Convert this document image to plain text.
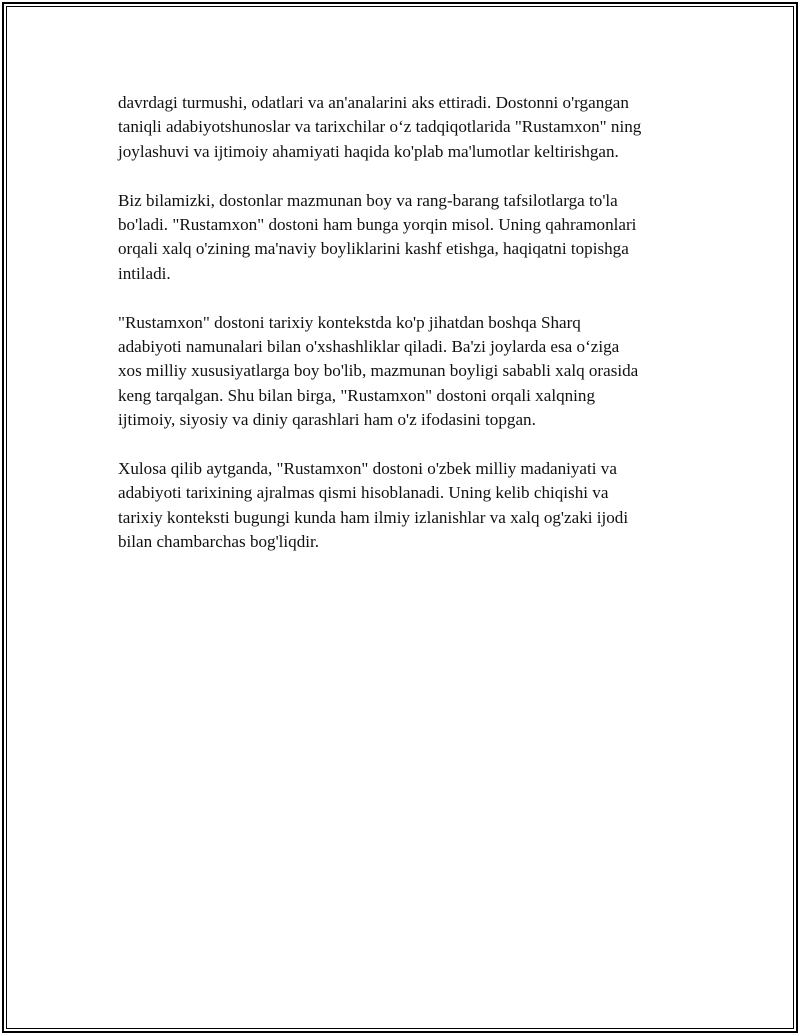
davrdagi turmushi, odatlari va an'analarini aks ettiradi. Dostonni o'rgangan
taniqli adabiyotshunoslar va tarixchilar o‘z tadqiqotlarida "Rustamxon" ning
joylashuvi va ijtimoiy ahamiyati haqida ko'plab ma'lumotlar keltirishgan.

Biz bilamizki, dostonlar mazmunan boy va rang-barang tafsilotlarga to'la
bo'ladi. "Rustamxon" dostoni ham bunga yorqin misol. Uning qahramonlari
orqali xalq o'zining ma'naviy boyliklarini kashf etishga, haqiqatni topishga
intiladi.

"Rustamxon" dostoni tarixiy kontekstda ko'p jihatdan boshqa Sharq
adabiyoti namunalari bilan o'xshashliklar qiladi. Ba'zi joylarda esa o‘ziga
xos milliy xususiyatlarga boy bo'lib, mazmunan boyligi sababli xalq orasida
keng tarqalgan. Shu bilan birga, "Rustamxon" dostoni orqali xalqning
ijtimoiy, siyosiy va diniy qarashlari ham o'z ifodasini topgan.

Xulosa qilib aytganda, "Rustamxon" dostoni o'zbek milliy madaniyati va
adabiyoti tarixining ajralmas qismi hisoblanadi. Uning kelib chiqishi va
tarixiy konteksti bugungi kunda ham ilmiy izlanishlar va xalq og'zaki ijodi
bilan chambarchas bog'liqdir.
